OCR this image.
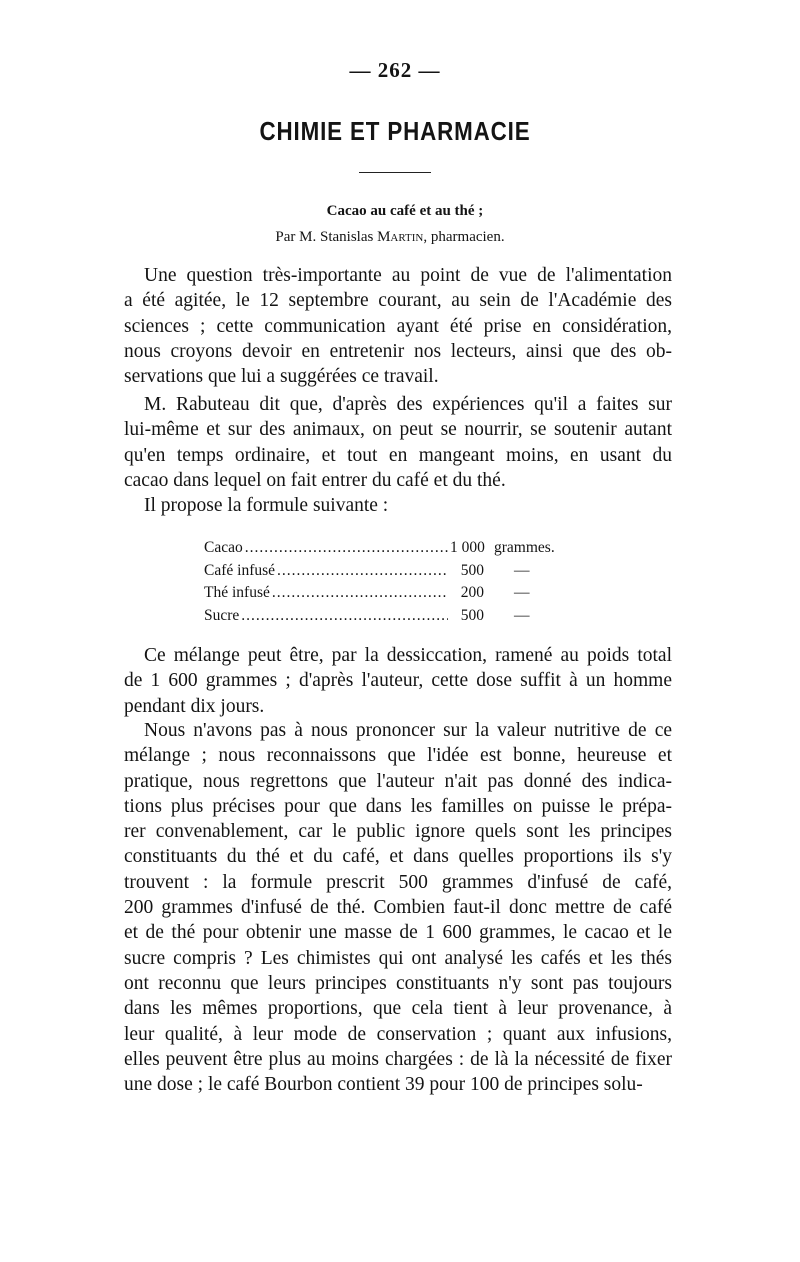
— 262 —
CHIMIE ET PHARMACIE
Cacao au café et au thé ;
Par M. Stanislas Martin, pharmacien.
Une question très-importante au point de vue de l'alimentation
a été agitée, le 12 septembre courant, au sein de l'Académie des
sciences ; cette communication ayant été prise en considération,
nous croyons devoir en entretenir nos lecteurs, ainsi que des ob-
servations que lui a suggérées ce travail.
M. Rabuteau dit que, d'après des expériences qu'il a faites sur
lui-même et sur des animaux, on peut se nourrir, se soutenir autant
qu'en temps ordinaire, et tout en mangeant moins, en usant du
cacao dans lequel on fait entrer du café et du thé.
Il propose la formule suivante :
Cacao .....	1 000 grammes.
Café infusé .....	500	—
Thé infusé .....	200	—
Sucre .....	500	—
Ce mélange peut être, par la dessiccation, ramené au poids total
de 1 600 grammes ; d'après l'auteur, cette dose suffit à un homme
pendant dix jours.
Nous n'avons pas à nous prononcer sur la valeur nutritive de ce
mélange ; nous reconnaissons que l'idée est bonne, heureuse et
pratique, nous regrettons que l'auteur n'ait pas donné des indica-
tions plus précises pour que dans les familles on puisse le prépa-
rer convenablement, car le public ignore quels sont les principes
constituants du thé et du café, et dans quelles proportions ils s'y
trouvent : la formule prescrit 500 grammes d'infusé de café,
200 grammes d'infusé de thé. Combien faut-il donc mettre de café
et de thé pour obtenir une masse de 1 600 grammes, le cacao et le
sucre compris ? Les chimistes qui ont analysé les cafés et les thés
ont reconnu que leurs principes constituants n'y sont pas toujours
dans les mêmes proportions, que cela tient à leur provenance, à
leur qualité, à leur mode de conservation ; quant aux infusions,
elles peuvent être plus au moins chargées : de là la nécessité de fixer
une dose ; le café Bourbon contient 39 pour 100 de principes solu-
